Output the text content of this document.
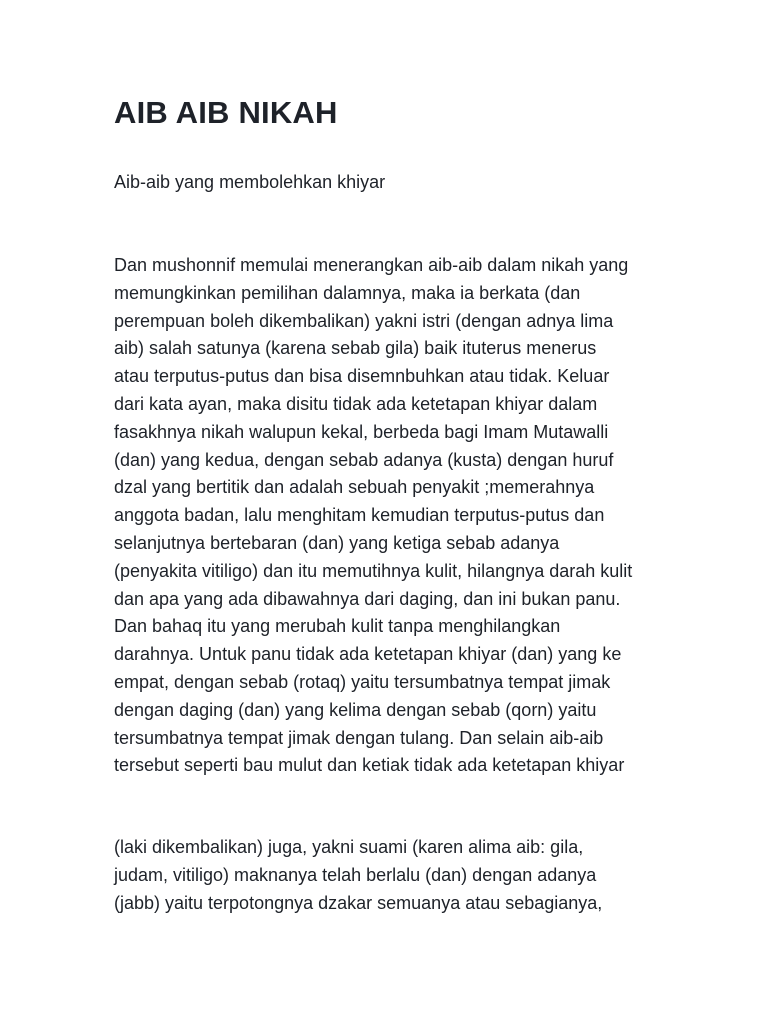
AIB AIB NIKAH

Aib-aib yang membolehkan khiyar

Dan mushonnif memulai menerangkan aib-aib dalam nikah yang
memungkinkan pemilihan dalamnya, maka ia berkata (dan
perempuan boleh dikembalikan) yakni istri (dengan adnya lima
aib) salah satunya (karena sebab gila) baik ituterus menerus
atau terputus-putus dan bisa disemnbuhkan atau tidak. Keluar
dari kata ayan, maka disitu tidak ada ketetapan khiyar dalam
fasakhnya nikah walupun kekal, berbeda bagi Imam Mutawalli
(dan) yang kedua, dengan sebab adanya (kusta) dengan huruf
dzal yang bertitik dan adalah sebuah penyakit ;memerahnya
anggota badan, lalu menghitam kemudian terputus-putus dan
selanjutnya bertebaran (dan) yang ketiga sebab adanya
(penyakita vitiligo) dan itu memutihnya kulit, hilangnya darah kulit
dan apa yang ada dibawahnya dari daging, dan ini bukan panu.
Dan bahaq itu yang merubah kulit tanpa menghilangkan
darahnya. Untuk panu tidak ada ketetapan khiyar (dan) yang ke
empat, dengan sebab (rotaq) yaitu tersumbatnya tempat jimak
dengan daging (dan) yang kelima dengan sebab (qorn) yaitu
tersumbatnya tempat jimak dengan tulang. Dan selain aib-aib
tersebut seperti bau mulut dan ketiak tidak ada ketetapan khiyar

(laki dikembalikan) juga, yakni suami (karen alima aib: gila,
judam, vitiligo) maknanya telah berlalu (dan) dengan adanya
(jabb) yaitu terpotongnya dzakar semuanya atau sebagianya,
